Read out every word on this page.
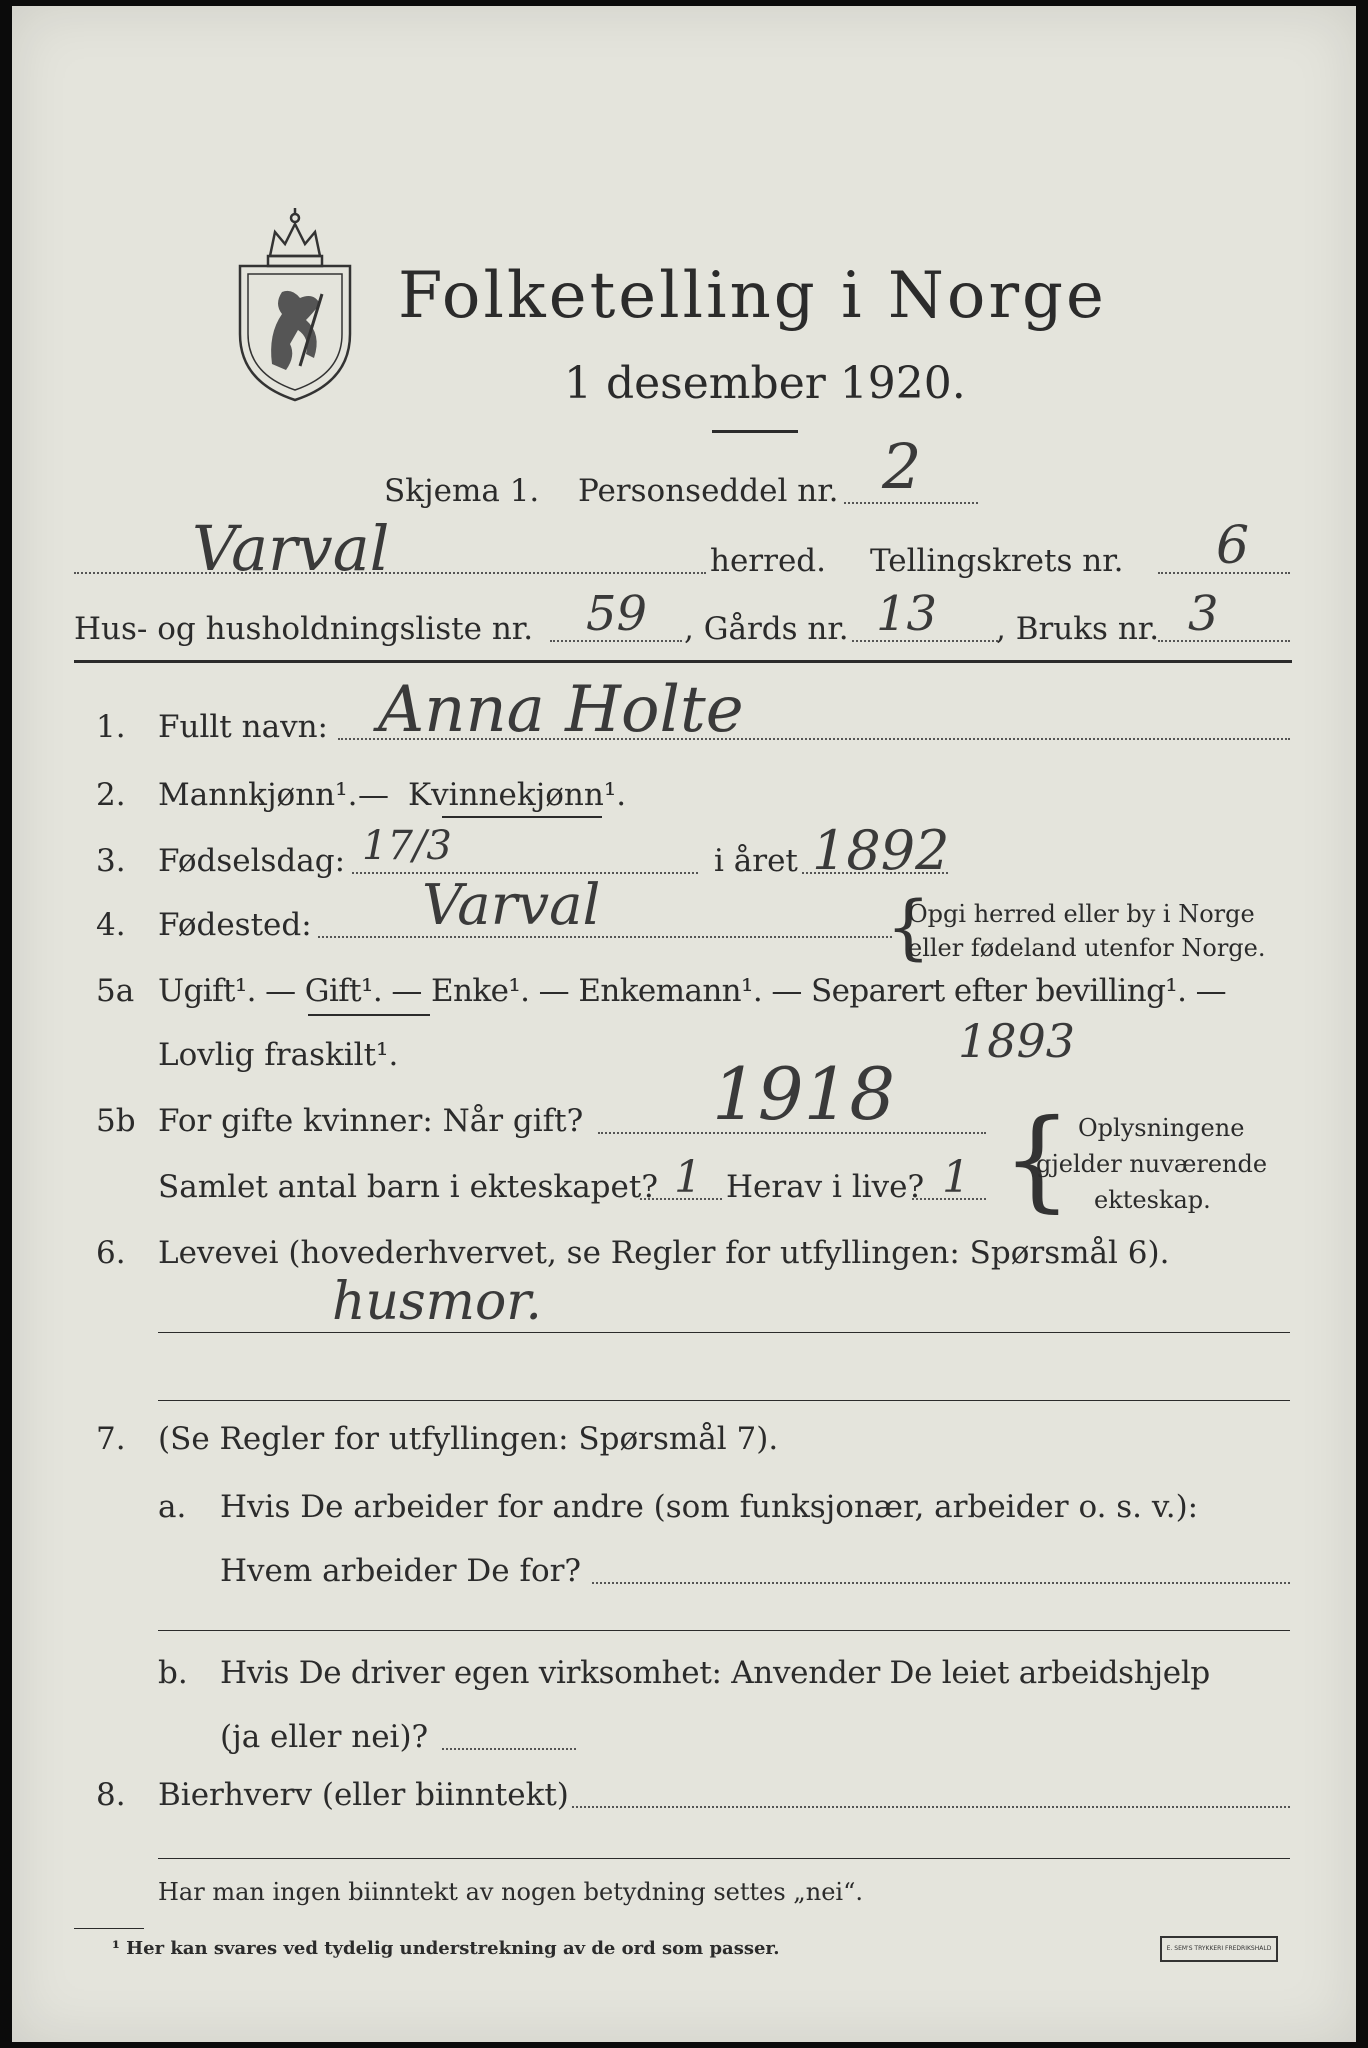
Folketelling i Norge
1 desember 1920.
Skjema 1. Personseddel nr. 2
Varval	herred. Tellingskrets nr. 6
Hus- og husholdningsliste nr. 59 , Gårds nr. 13 , Bruks nr. 3
1. Fullt navn: Anna Holte
2. Mannkjønn¹. — Kvinnekjønn¹.
3. Fødselsdag: 17/3	i året 1892
4. Fødested: Varval	{
Opgi herred eller by i Norge
eller fødeland utenfor Norge.
5a Ugift¹. — Gift¹. — Enke¹. — Enkemann¹. — Separert efter bevilling¹. —
Lovlig fraskilt¹.	1893
5b For gifte kvinner: Når gift? 1918
Samlet antal barn i ekteskapet? 1 Herav i live? 1 { Oplysningene
gjelder nuværende
ekteskap.
6. Levevei (hovederhvervet, se Regler for utfyllingen: Spørsmål 6).
husmor.
7. (Se Regler for utfyllingen: Spørsmål 7).
a. Hvis De arbeider for andre (som funksjonær, arbeider o. s. v.):
Hvem arbeider De for?
b. Hvis De driver egen virksomhet: Anvender De leiet arbeidshjelp
(ja eller nei)?
8. Bierhverv (eller biinntekt)
Har man ingen biinntekt av nogen betydning settes „nei“.
¹ Her kan svares ved tydelig understrekning av de ord som passer.	E. SEM'S TRYKKERI FREDRIKSHALD
